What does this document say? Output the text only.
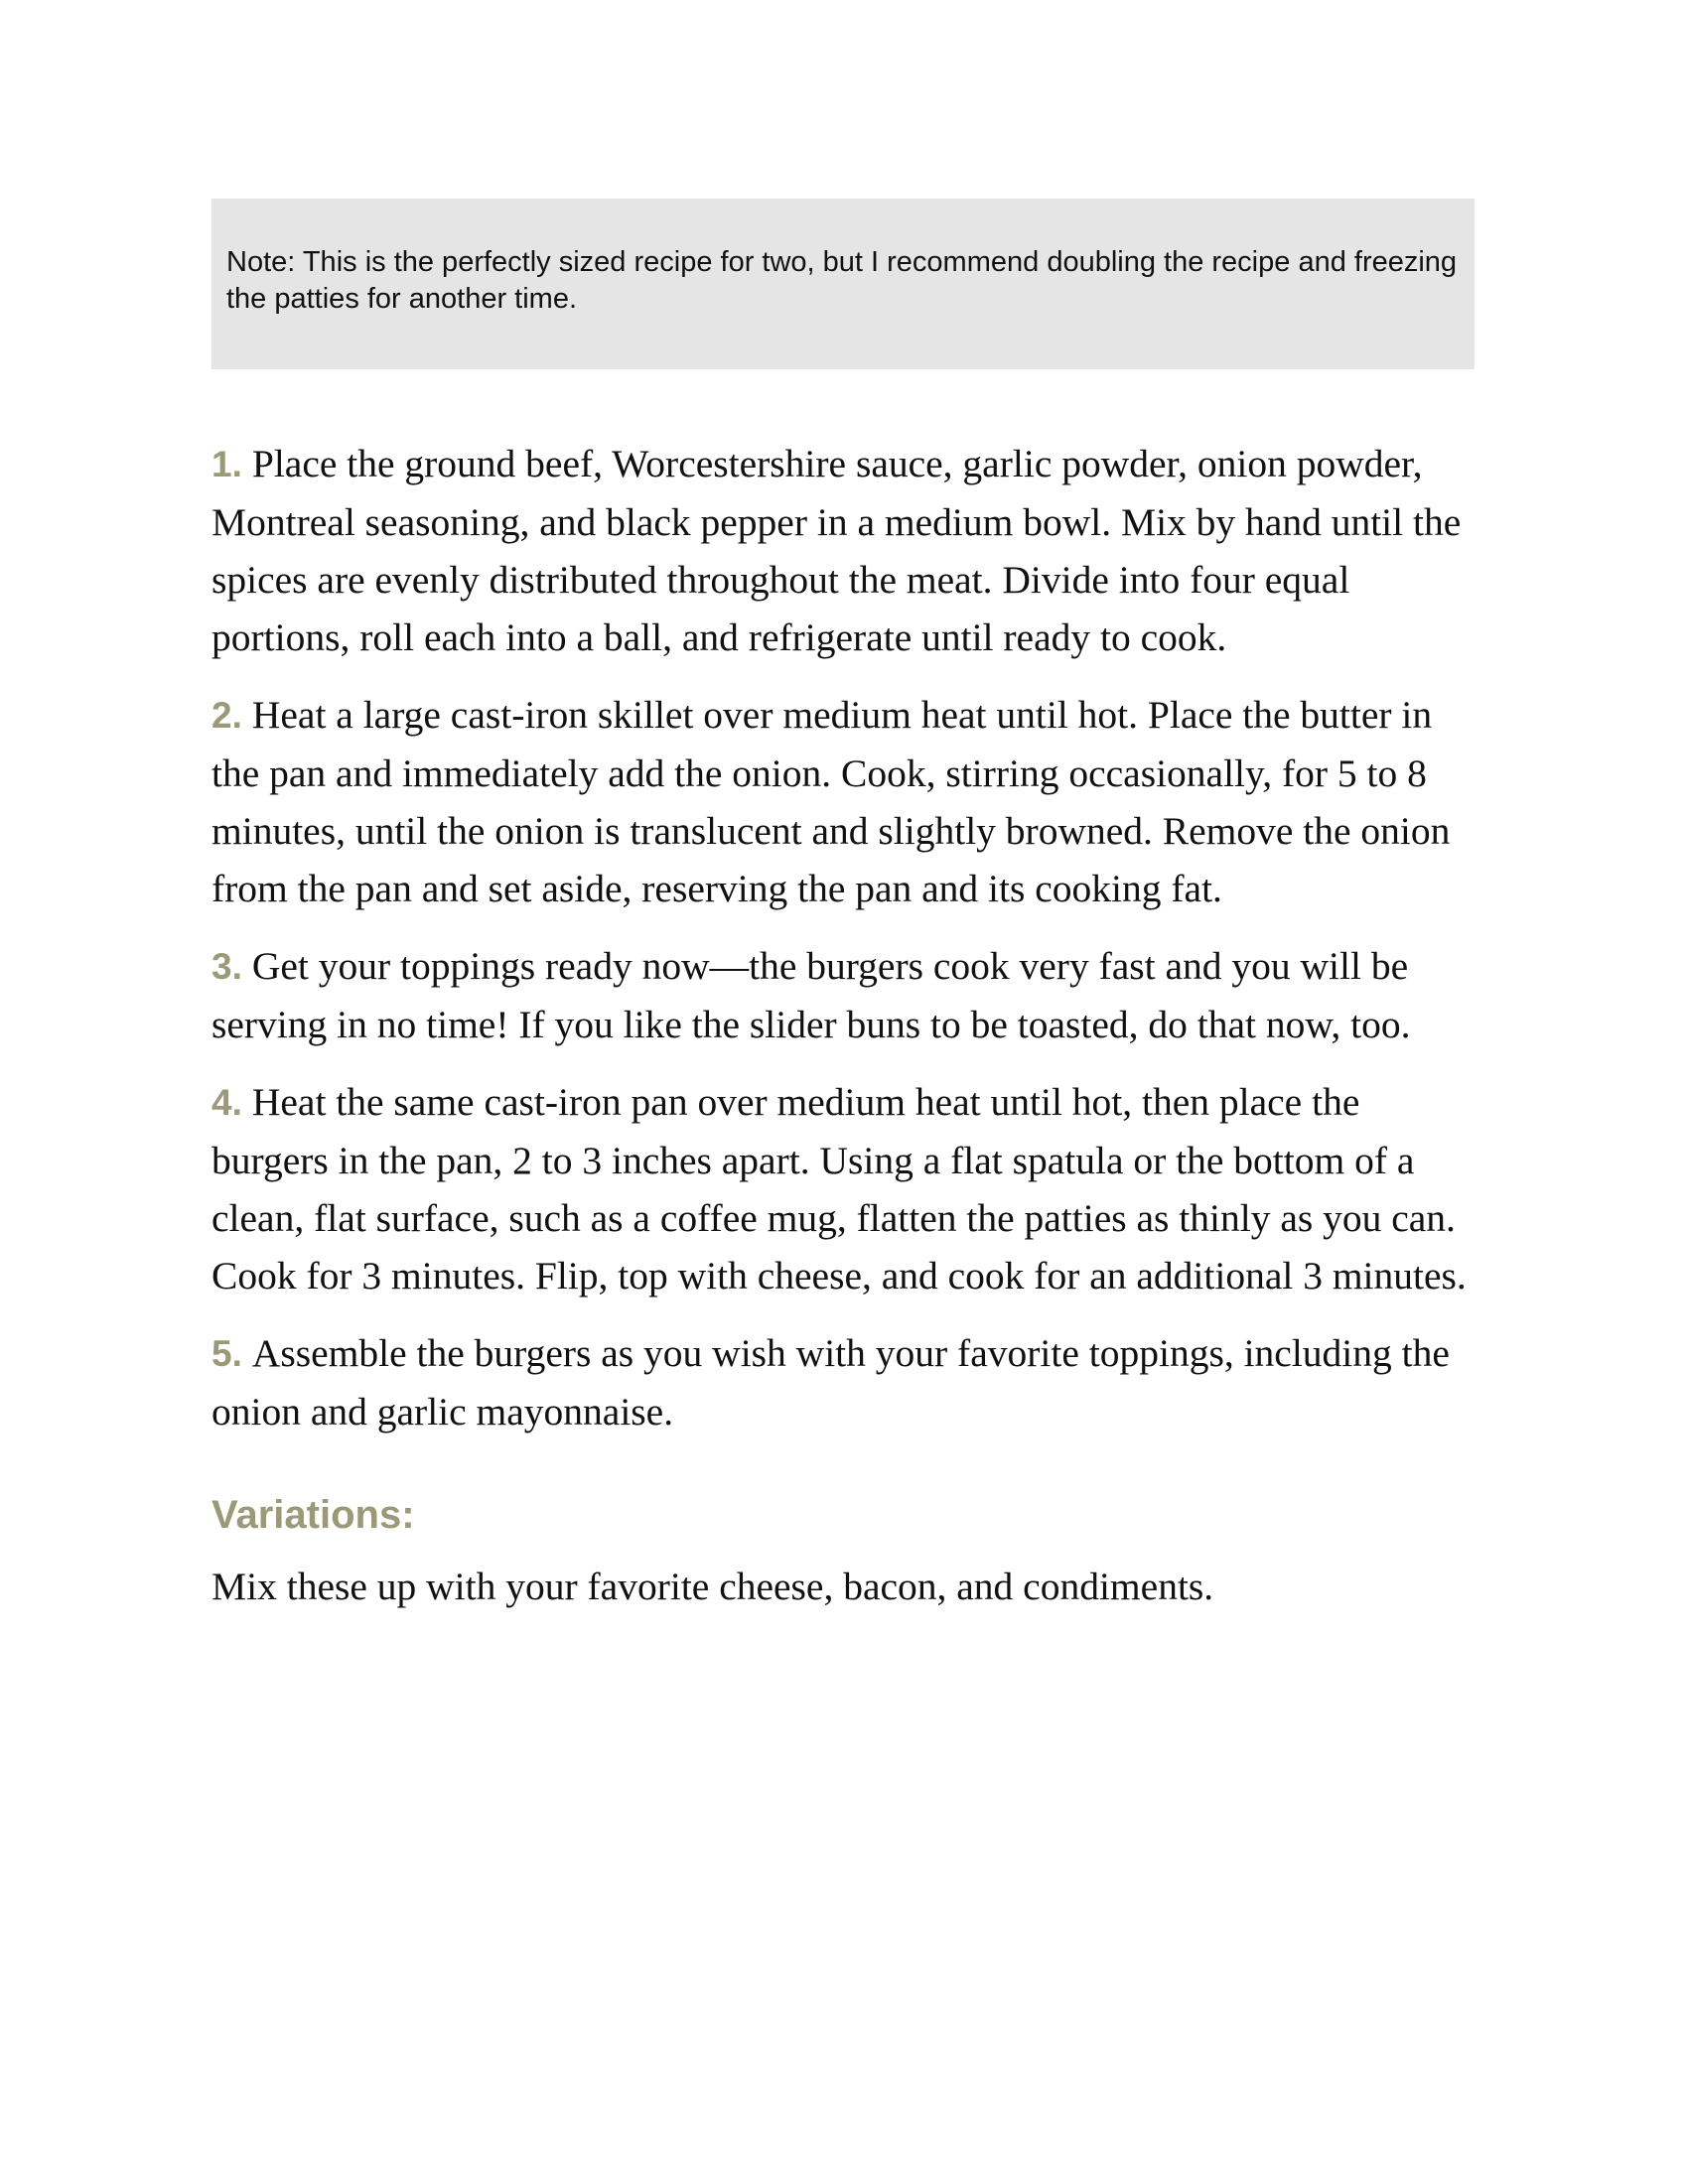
Note: This is the perfectly sized recipe for two, but I recommend doubling the recipe and freezing the patties for another time.

1. Place the ground beef, Worcestershire sauce, garlic powder, onion powder, Montreal seasoning, and black pepper in a medium bowl. Mix by hand until the spices are evenly distributed throughout the meat. Divide into four equal portions, roll each into a ball, and refrigerate until ready to cook.

2. Heat a large cast-iron skillet over medium heat until hot. Place the butter in the pan and immediately add the onion. Cook, stirring occasionally, for 5 to 8 minutes, until the onion is translucent and slightly browned. Remove the onion from the pan and set aside, reserving the pan and its cooking fat.

3. Get your toppings ready now—the burgers cook very fast and you will be serving in no time! If you like the slider buns to be toasted, do that now, too.

4. Heat the same cast-iron pan over medium heat until hot, then place the burgers in the pan, 2 to 3 inches apart. Using a flat spatula or the bottom of a clean, flat surface, such as a coffee mug, flatten the patties as thinly as you can. Cook for 3 minutes. Flip, top with cheese, and cook for an additional 3 minutes.

5. Assemble the burgers as you wish with your favorite toppings, including the onion and garlic mayonnaise.

Variations:
Mix these up with your favorite cheese, bacon, and condiments.
